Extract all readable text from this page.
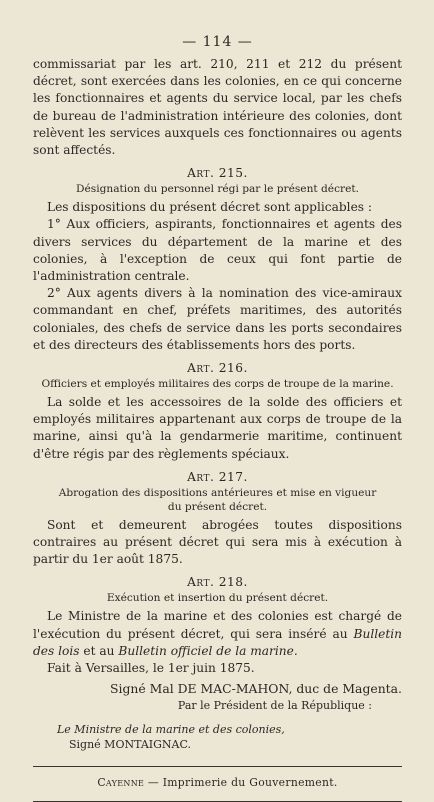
— 114 —

commissariat par les art. 210, 211 et 212 du présent décret, sont exercées dans les colonies, en ce qui concerne les fonctionnaires et agents du service local, par les chefs de bureau de l'administration intérieure des colonies, dont relèvent les services auxquels ces fonctionnaires ou agents sont affectés.

Art. 215.
Désignation du personnel régi par le présent décret.

Les dispositions du présent décret sont applicables :

1° Aux officiers, aspirants, fonctionnaires et agents des divers services du département de la marine et des colonies, à l'exception de ceux qui font partie de l'administration centrale.

2° Aux agents divers à la nomination des vice-amiraux commandant en chef, préfets maritimes, des autorités coloniales, des chefs de service dans les ports secondaires et des directeurs des établissements hors des ports.

Art. 216.
Officiers et employés militaires des corps de troupe de la marine.

La solde et les accessoires de la solde des officiers et employés militaires appartenant aux corps de troupe de la marine, ainsi qu'à la gendarmerie maritime, continuent d'être régis par des règlements spéciaux.

Art. 217.
Abrogation des dispositions antérieures et mise en vigueur
du présent décret.

Sont et demeurent abrogées toutes dispositions contraires au présent décret qui sera mis à exécution à partir du 1er août 1875.

Art. 218.
Exécution et insertion du présent décret.

Le Ministre de la marine et des colonies est chargé de l'exécution du présent décret, qui sera inséré au Bulletin des lois et au Bulletin officiel de la marine.

Fait à Versailles, le 1er juin 1875.

Signé Mal DE MAC-MAHON, duc de Magenta.
Par le Président de la République :
Le Ministre de la marine et des colonies,
Signé MONTAIGNAC.
Cayenne — Imprimerie du Gouvernement.
